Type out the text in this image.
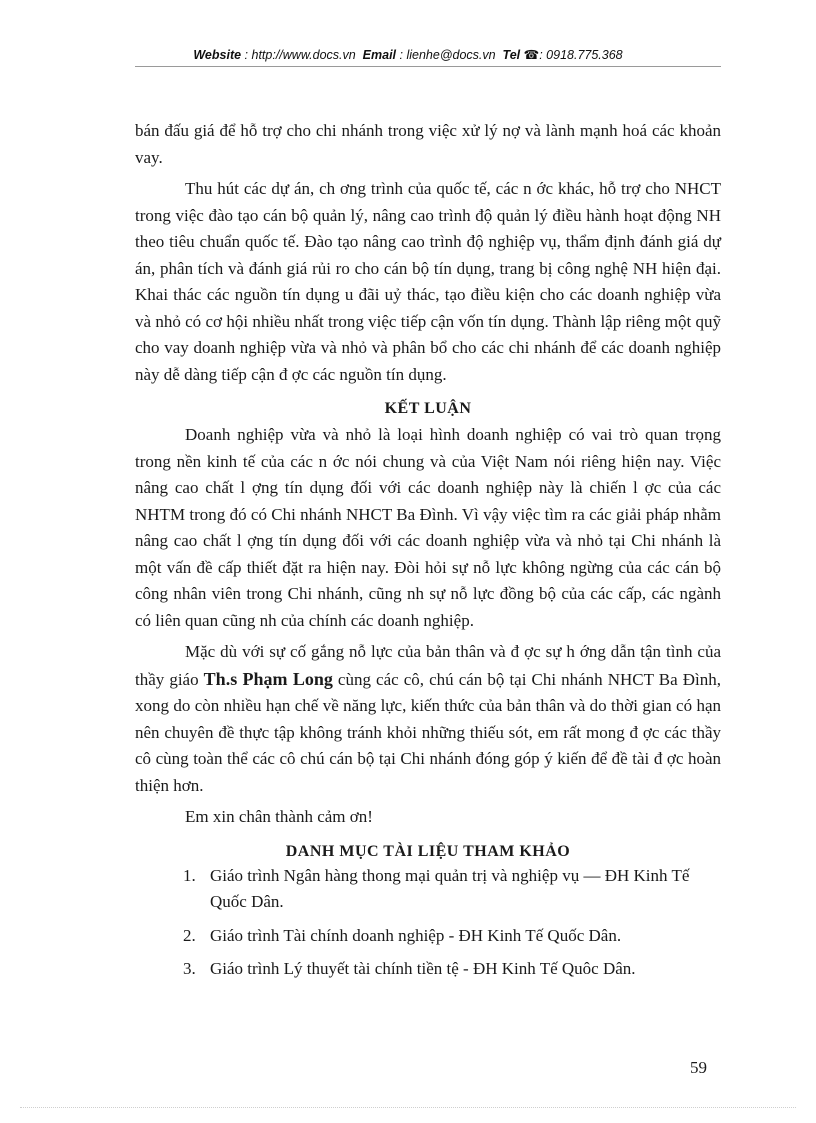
Website : http://www.docs.vn Email : lienhe@docs.vn Tel ☎: 0918.775.368

bán đấu giá để hỗ trợ cho chi nhánh trong việc xử lý nợ và lành mạnh hoá các khoản vay.

Thu hút các dự án, ch ơng trình của quốc tế, các n ớc khác, hỗ trợ cho NHCT trong việc đào tạo cán bộ quản lý, nâng cao trình độ quản lý điều hành hoạt động NH theo tiêu chuẩn quốc tế. Đào tạo nâng cao trình độ nghiệp vụ, thẩm định đánh giá dự án, phân tích và đánh giá rủi ro cho cán bộ tín dụng, trang bị công nghệ NH hiện đại. Khai thác các nguồn tín dụng u đãi uỷ thác, tạo điều kiện cho các doanh nghiệp vừa và nhỏ có cơ hội nhiều nhất trong việc tiếp cận vốn tín dụng. Thành lập riêng một quỹ cho vay doanh nghiệp vừa và nhỏ và phân bổ cho các chi nhánh để các doanh nghiệp này dễ dàng tiếp cận đ ợc các nguồn tín dụng.

KẾT LUẬN

Doanh nghiệp vừa và nhỏ là loại hình doanh nghiệp có vai trò quan trọng trong nền kinh tế của các n ớc nói chung và của Việt Nam nói riêng hiện nay. Việc nâng cao chất l ợng tín dụng đối với các doanh nghiệp này là chiến l ợc của các NHTM trong đó có Chi nhánh NHCT Ba Đình. Vì vậy việc tìm ra các giải pháp nhằm nâng cao chất l ợng tín dụng đối với các doanh nghiệp vừa và nhỏ tại Chi nhánh là một vấn đề cấp thiết đặt ra hiện nay. Đòi hỏi sự nỗ lực không ngừng của các cán bộ công nhân viên trong Chi nhánh, cũng nh sự nỗ lực đồng bộ của các cấp, các ngành có liên quan cũng nh của chính các doanh nghiệp.

Mặc dù với sự cố gắng nỗ lực của bản thân và đ ợc sự h ớng dẫn tận tình của thầy giáo Th.s Phạm Long cùng các cô, chú cán bộ tại Chi nhánh NHCT Ba Đình, xong do còn nhiều hạn chế về năng lực, kiến thức của bản thân và do thời gian có hạn nên chuyên đề thực tập không tránh khỏi những thiếu sót, em rất mong đ ợc các thầy cô cùng toàn thể các cô chú cán bộ tại Chi nhánh đóng góp ý kiến để đề tài đ ợc hoàn thiện hơn.

Em xin chân thành cảm ơn!

DANH MỤC TÀI LIỆU THAM KHẢO
1. Giáo trình Ngân hàng thong mại quản trị và nghiệp vụ — ĐH Kinh Tế Quốc Dân.
2. Giáo trình Tài chính doanh nghiệp - ĐH Kinh Tế Quốc Dân.
3. Giáo trình Lý thuyết tài chính tiền tệ - ĐH Kinh Tế Quôc Dân.
59
